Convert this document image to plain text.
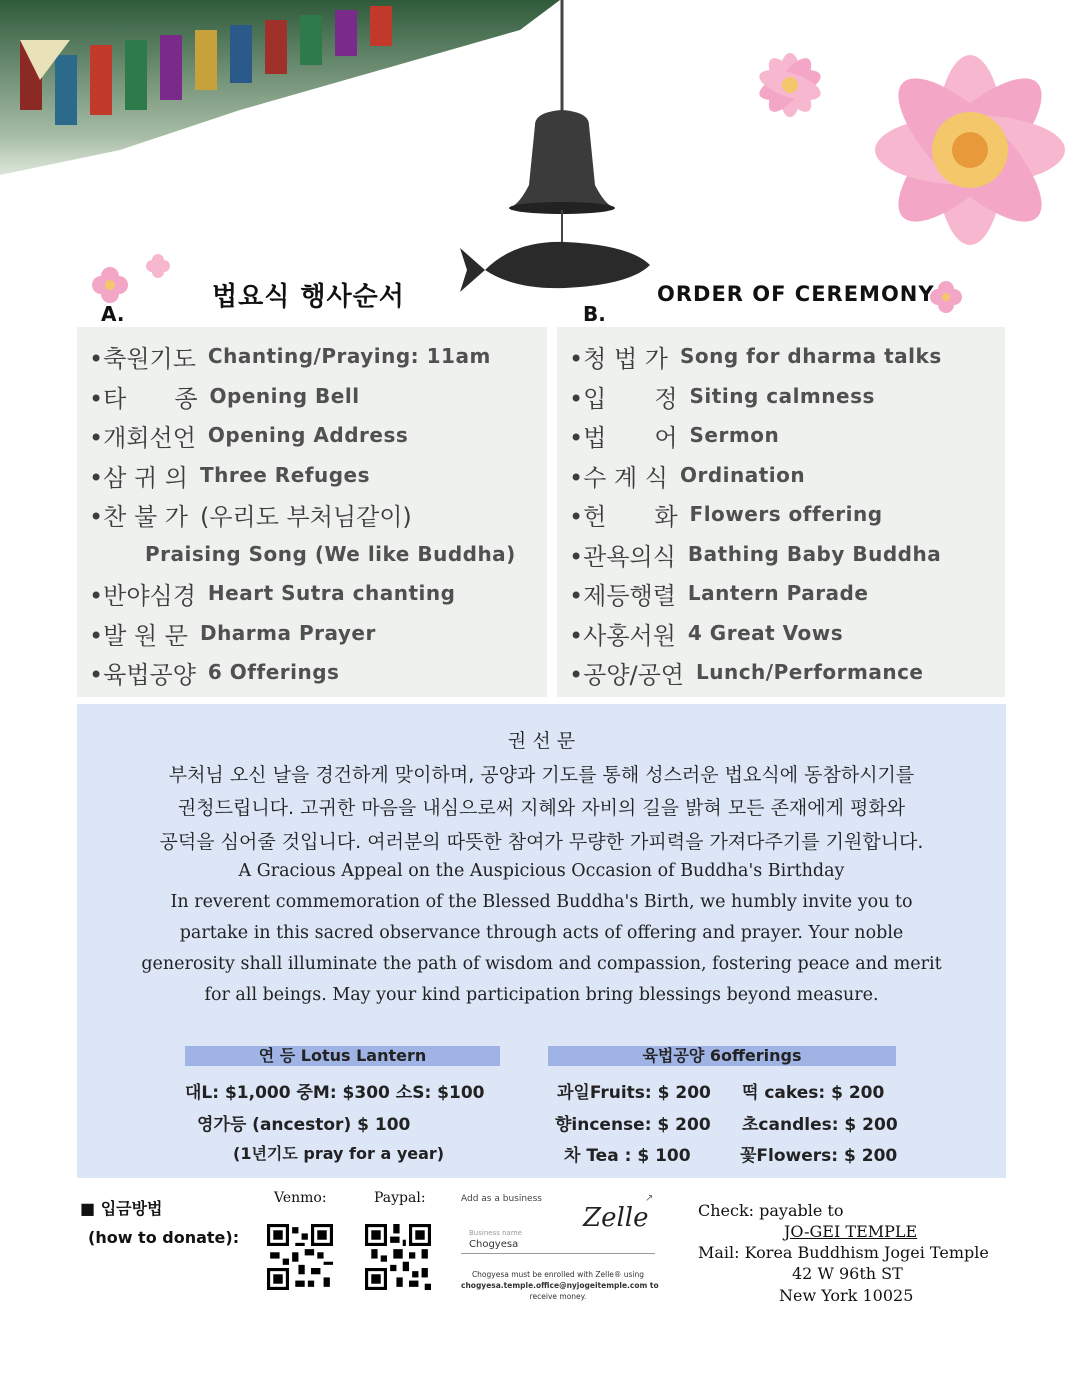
법요식 행사순서	ORDER OF CEREMONY
A.	B.
•축원기도 Chanting/Praying: 11am
•타　　종 Opening Bell
•개회선언 Opening Address
•삼 귀 의 Three Refuges
•찬 불 가 (우리도 부처님같이)
Praising Song (We like Buddha)
•반야심경 Heart Sutra chanting
•발 원 문 Dharma Prayer
•육법공양 6 Offerings
•청 법 가 Song for dharma talks
•입　　정 Siting calmness
•법　　어 Sermon
•수 계 식 Ordination
•헌　　화 Flowers offering
•관욕의식 Bathing Baby Buddha
•제등행렬 Lantern Parade
•사홍서원 4 Great Vows
•공양/공연 Lunch/Performance
권 선 문
부처님 오신 날을 경건하게 맞이하며, 공양과 기도를 통해 성스러운 법요식에 동참하시기를
권청드립니다. 고귀한 마음을 내심으로써 지혜와 자비의 길을 밝혀 모든 존재에게 평화와
공덕을 심어줄 것입니다. 여러분의 따뜻한 참여가 무량한 가피력을 가져다주기를 기원합니다.
A Gracious Appeal on the Auspicious Occasion of Buddha's Birthday
In reverent commemoration of the Blessed Buddha's Birth, we humbly invite you to
partake in this sacred observance through acts of offering and prayer. Your noble
generosity shall illuminate the path of wisdom and compassion, fostering peace and merit
for all beings. May your kind participation bring blessings beyond measure.
연 등 Lotus Lantern
대L: $1,000 중M: $300 소S: $100
영가등 (ancestor) $ 100
(1년기도 pray for a year)
육법공양 6offerings
과일Fruits: $ 200 떡 cakes: $ 200
향incense: $ 200 초candles: $ 200
차 Tea : $ 100	꽃Flowers: $ 200
■ 입금방법
(how to donate):
Venmo:	Paypal:	Add as a business
Zelle
↗
Business name
Chogyesa
Chogyesa must be enrolled with Zelle® using
chogyesa.temple.office@nyjogeitemple.com to
receive money.
Check: payable to
JO-GEI TEMPLE
Mail: Korea Buddhism Jogei Temple
42 W 96th ST
New York 10025
